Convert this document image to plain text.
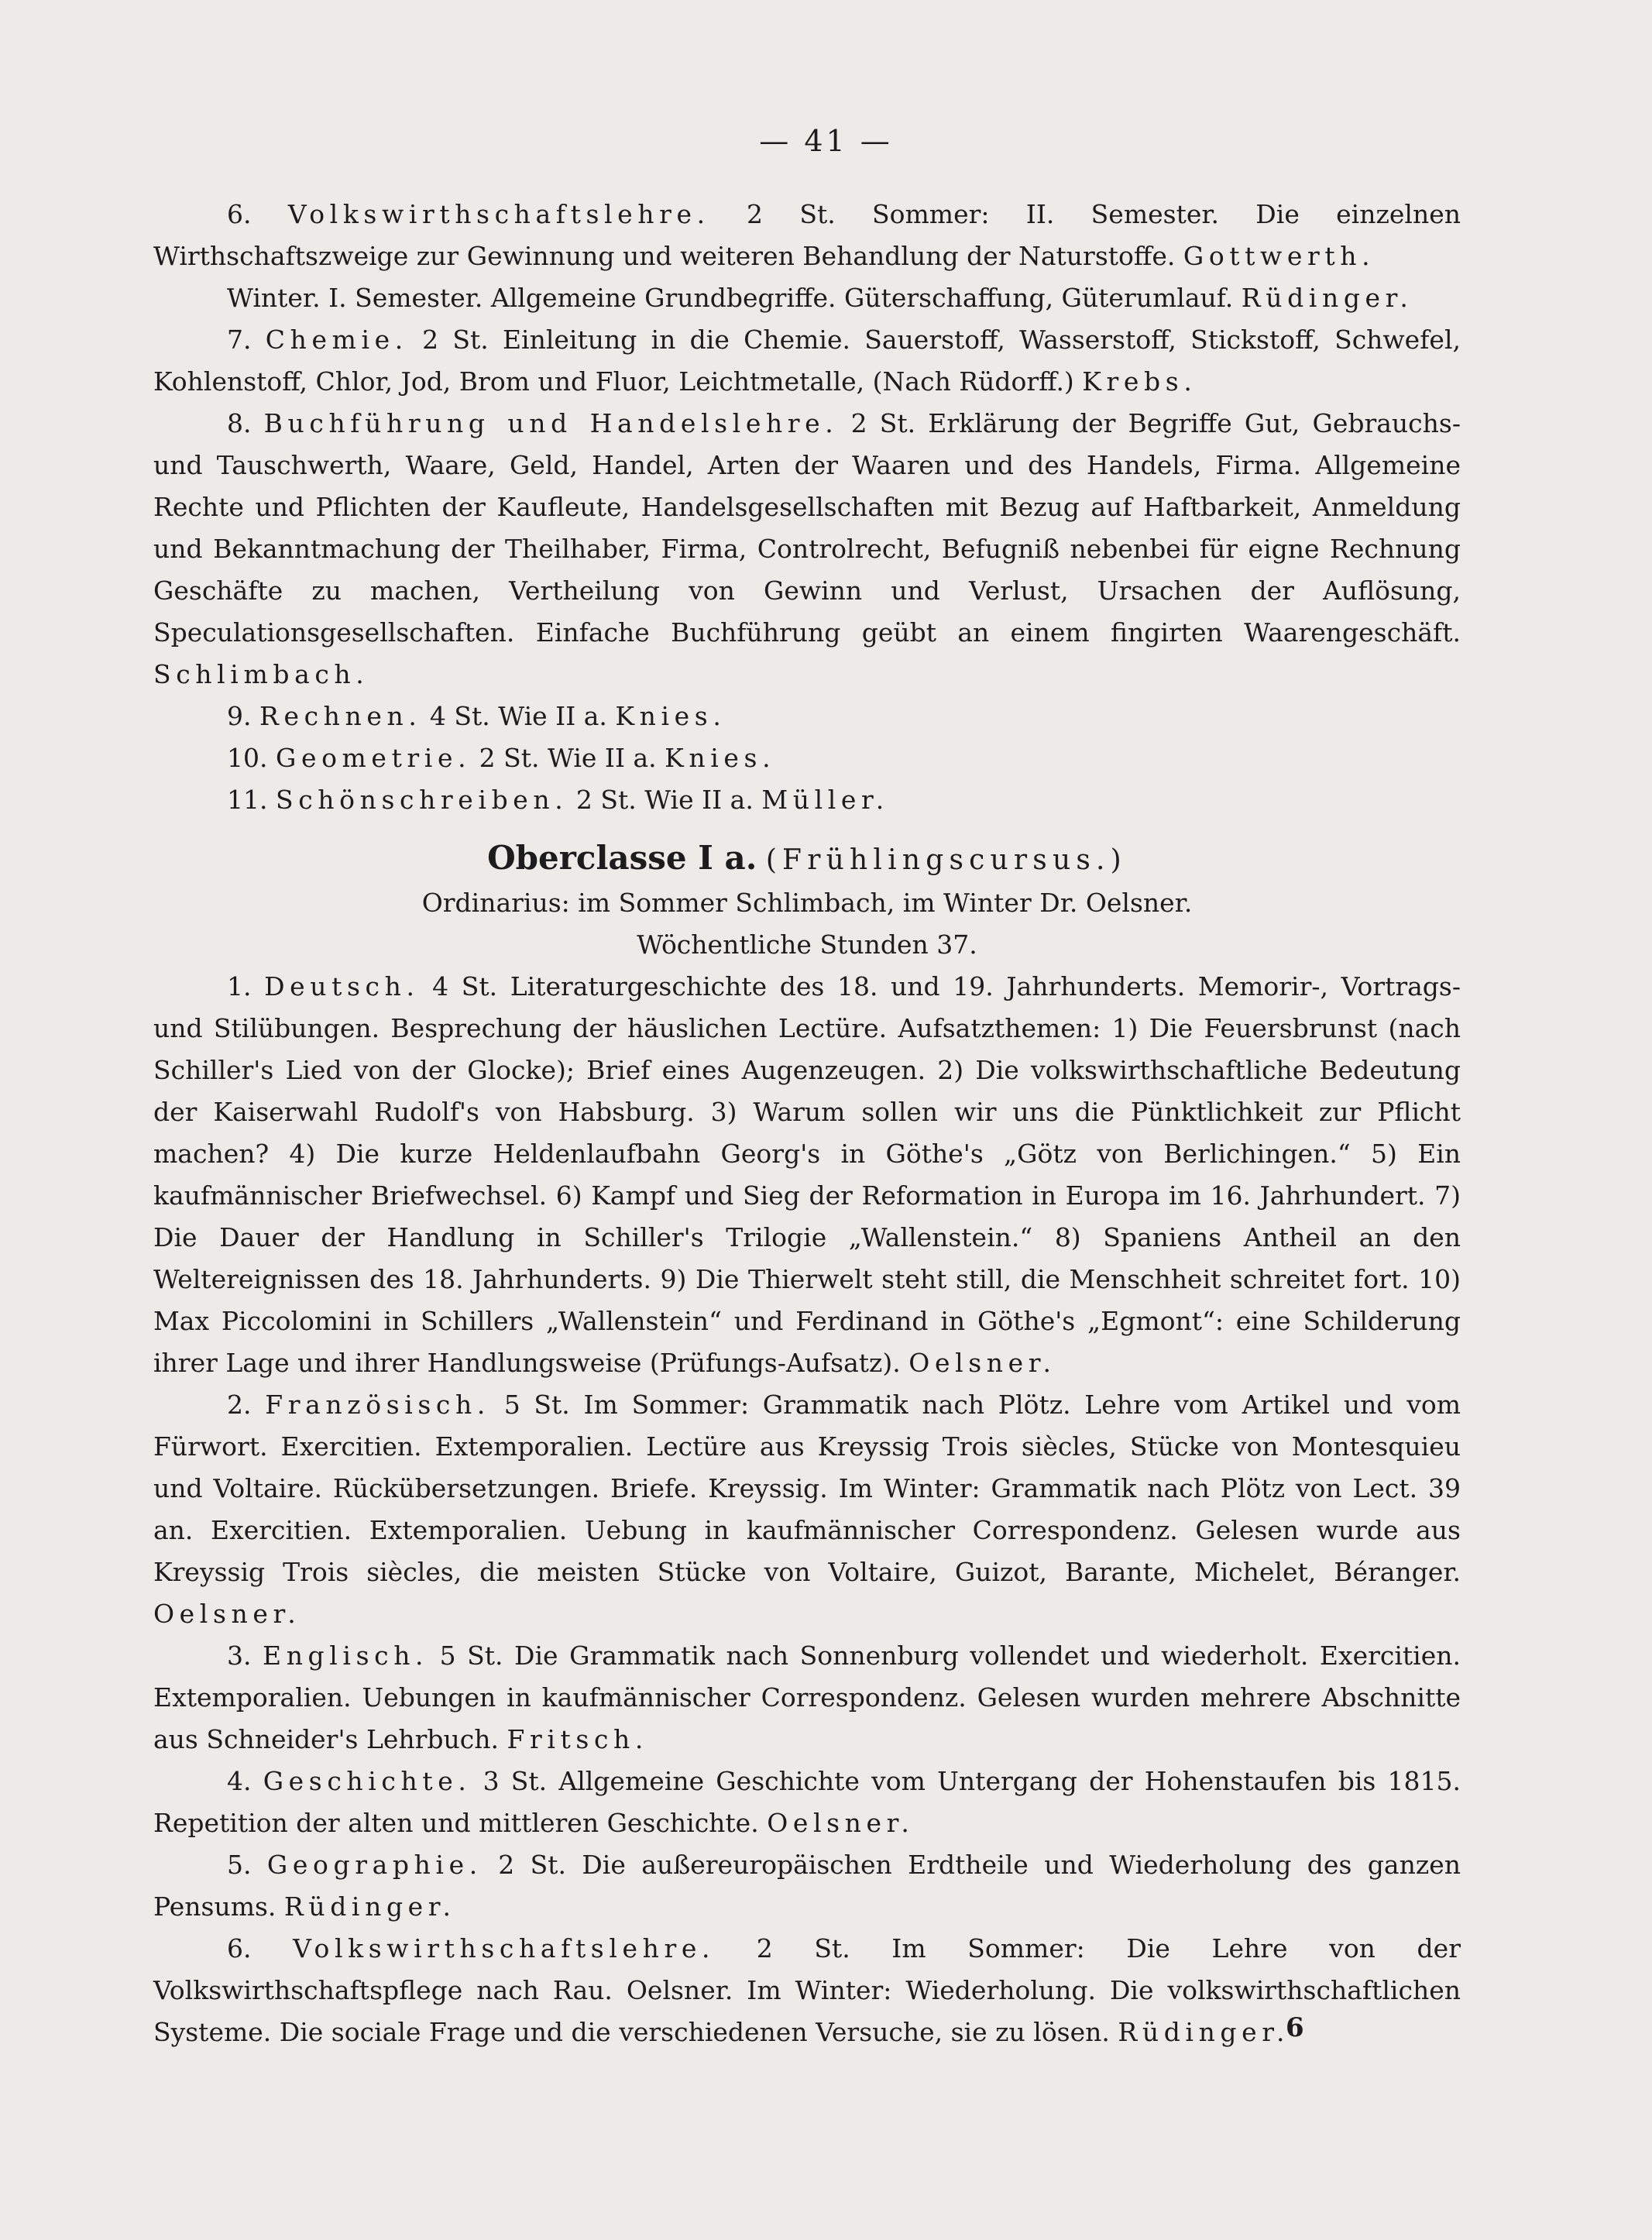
— 41 —

6. Volkswirthschaftslehre. 2 St. Sommer: II. Semester. Die einzelnen Wirthschaftszweige zur Gewinnung und weiteren Behandlung der Naturstoffe. Gottwerth.

Winter. I. Semester. Allgemeine Grundbegriffe. Güterschaffung, Güterumlauf. Rüdinger.

7. Chemie. 2 St. Einleitung in die Chemie. Sauerstoff, Wasserstoff, Stickstoff, Schwefel, Kohlenstoff, Chlor, Jod, Brom und Fluor, Leichtmetalle, (Nach Rüdorff.) Krebs.

8. Buchführung und Handelslehre. 2 St. Erklärung der Begriffe Gut, Gebrauchs- und Tauschwerth, Waare, Geld, Handel, Arten der Waaren und des Handels, Firma. Allgemeine Rechte und Pflichten der Kaufleute, Handelsgesellschaften mit Bezug auf Haftbarkeit, Anmeldung und Bekanntmachung der Theilhaber, Firma, Controlrecht, Befugniß nebenbei für eigne Rechnung Geschäfte zu machen, Vertheilung von Gewinn und Verlust, Ursachen der Auflösung, Speculationsgesellschaften. Einfache Buchführung geübt an einem fingirten Waarengeschäft. Schlimbach.

9. Rechnen. 4 St. Wie II a. Knies.

10. Geometrie. 2 St. Wie II a. Knies.

11. Schönschreiben. 2 St. Wie II a. Müller.

Oberclasse I a. (Frühlingscursus.)

Ordinarius: im Sommer Schlimbach, im Winter Dr. Oelsner.

Wöchentliche Stunden 37.

1. Deutsch. 4 St. Literaturgeschichte des 18. und 19. Jahrhunderts. Memorir-, Vortrags- und Stilübungen. Besprechung der häuslichen Lectüre. Aufsatzthemen: 1) Die Feuersbrunst (nach Schiller's Lied von der Glocke); Brief eines Augenzeugen. 2) Die volkswirthschaftliche Bedeutung der Kaiserwahl Rudolf's von Habsburg. 3) Warum sollen wir uns die Pünktlichkeit zur Pflicht machen? 4) Die kurze Heldenlaufbahn Georg's in Göthe's „Götz von Berlichingen.“ 5) Ein kaufmännischer Briefwechsel. 6) Kampf und Sieg der Reformation in Europa im 16. Jahrhundert. 7) Die Dauer der Handlung in Schiller's Trilogie „Wallenstein.“ 8) Spaniens Antheil an den Weltereignissen des 18. Jahrhunderts. 9) Die Thierwelt steht still, die Menschheit schreitet fort. 10) Max Piccolomini in Schillers „Wallenstein“ und Ferdinand in Göthe's „Egmont“: eine Schilderung ihrer Lage und ihrer Handlungsweise (Prüfungs-Aufsatz). Oelsner.

2. Französisch. 5 St. Im Sommer: Grammatik nach Plötz. Lehre vom Artikel und vom Fürwort. Exercitien. Extemporalien. Lectüre aus Kreyssig Trois siècles, Stücke von Montesquieu und Voltaire. Rückübersetzungen. Briefe. Kreyssig. Im Winter: Grammatik nach Plötz von Lect. 39 an. Exercitien. Extemporalien. Uebung in kaufmännischer Correspondenz. Gelesen wurde aus Kreyssig Trois siècles, die meisten Stücke von Voltaire, Guizot, Barante, Michelet, Béranger. Oelsner.

3. Englisch. 5 St. Die Grammatik nach Sonnenburg vollendet und wiederholt. Exercitien. Extemporalien. Uebungen in kaufmännischer Correspondenz. Gelesen wurden mehrere Abschnitte aus Schneider's Lehrbuch. Fritsch.

4. Geschichte. 3 St. Allgemeine Geschichte vom Untergang der Hohenstaufen bis 1815. Repetition der alten und mittleren Geschichte. Oelsner.

5. Geographie. 2 St. Die außereuropäischen Erdtheile und Wiederholung des ganzen Pensums. Rüdinger.

6. Volkswirthschaftslehre. 2 St. Im Sommer: Die Lehre von der Volkswirthschaftspflege nach Rau. Oelsner. Im Winter: Wiederholung. Die volkswirthschaftlichen Systeme. Die sociale Frage und die verschiedenen Versuche, sie zu lösen. Rüdinger.

6
